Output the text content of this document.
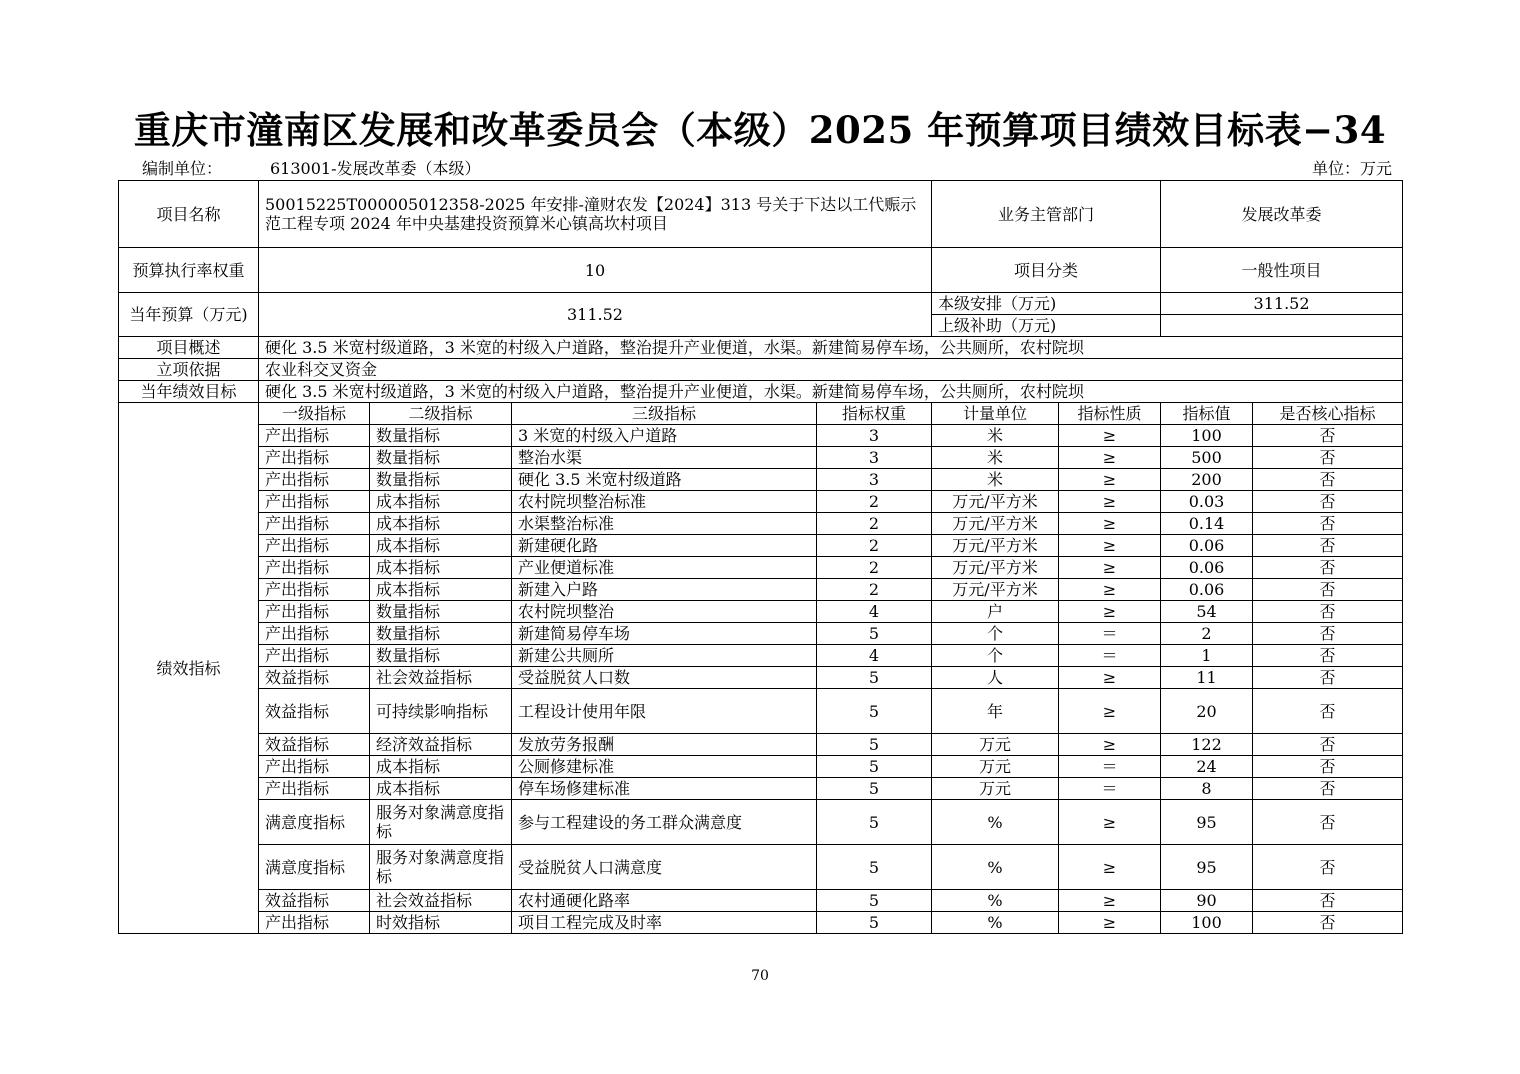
重庆市潼南区发展和改革委员会（本级）2025 年预算项目绩效目标表−34
编制单位：	613001-发展改革委（本级）	单位：万元
项目名称	50015225T000005012358-2025 年安排-潼财农发【2024】313 号关于下达以工代赈示范工程专项 2024 年中央基建投资预算米心镇高坎村项目				业务主管部门		发展改革委	
预算执行率权重	10				项目分类		一般性项目	
当年预算（万元)	311.52				本级安排（万元)		311.52	
					上级补助（万元)			
项目概述	硬化 3.5 米宽村级道路，3 米宽的村级入户道路，整治提升产业便道，水渠。新建简易停车场，公共厕所，农村院坝							
立项依据	农业科交叉资金							
当年绩效目标	硬化 3.5 米宽村级道路，3 米宽的村级入户道路，整治提升产业便道，水渠。新建简易停车场，公共厕所，农村院坝							
绩效指标	一级指标	二级指标	三级指标	指标权重	计量单位	指标性质	指标值	是否核心指标
	产出指标	数量指标	3 米宽的村级入户道路	3	米	≥	100	否
	产出指标	数量指标	整治水渠	3	米	≥	500	否
	产出指标	数量指标	硬化 3.5 米宽村级道路	3	米	≥	200	否
	产出指标	成本指标	农村院坝整治标准	2	万元/平方米	≥	0.03	否
	产出指标	成本指标	水渠整治标准	2	万元/平方米	≥	0.14	否
	产出指标	成本指标	新建硬化路	2	万元/平方米	≥	0.06	否
	产出指标	成本指标	产业便道标准	2	万元/平方米	≥	0.06	否
	产出指标	成本指标	新建入户路	2	万元/平方米	≥	0.06	否
	产出指标	数量指标	农村院坝整治	4	户	≥	54	否
	产出指标	数量指标	新建简易停车场	5	个	＝	2	否
	产出指标	数量指标	新建公共厕所	4	个	＝	1	否
	效益指标	社会效益指标	受益脱贫人口数	5	人	≥	11	否
	效益指标	可持续影响指标	工程设计使用年限	5	年	≥	20	否
	效益指标	经济效益指标	发放劳务报酬	5	万元	≥	122	否
	产出指标	成本指标	公厕修建标准	5	万元	＝	24	否
	产出指标	成本指标	停车场修建标准	5	万元	＝	8	否
	满意度指标	服务对象满意度指标	参与工程建设的务工群众满意度	5	%	≥	95	否
	满意度指标	服务对象满意度指标	受益脱贫人口满意度	5	%	≥	95	否
	效益指标	社会效益指标	农村通硬化路率	5	%	≥	90	否
	产出指标	时效指标	项目工程完成及时率	5	%	≥	100	否
70
